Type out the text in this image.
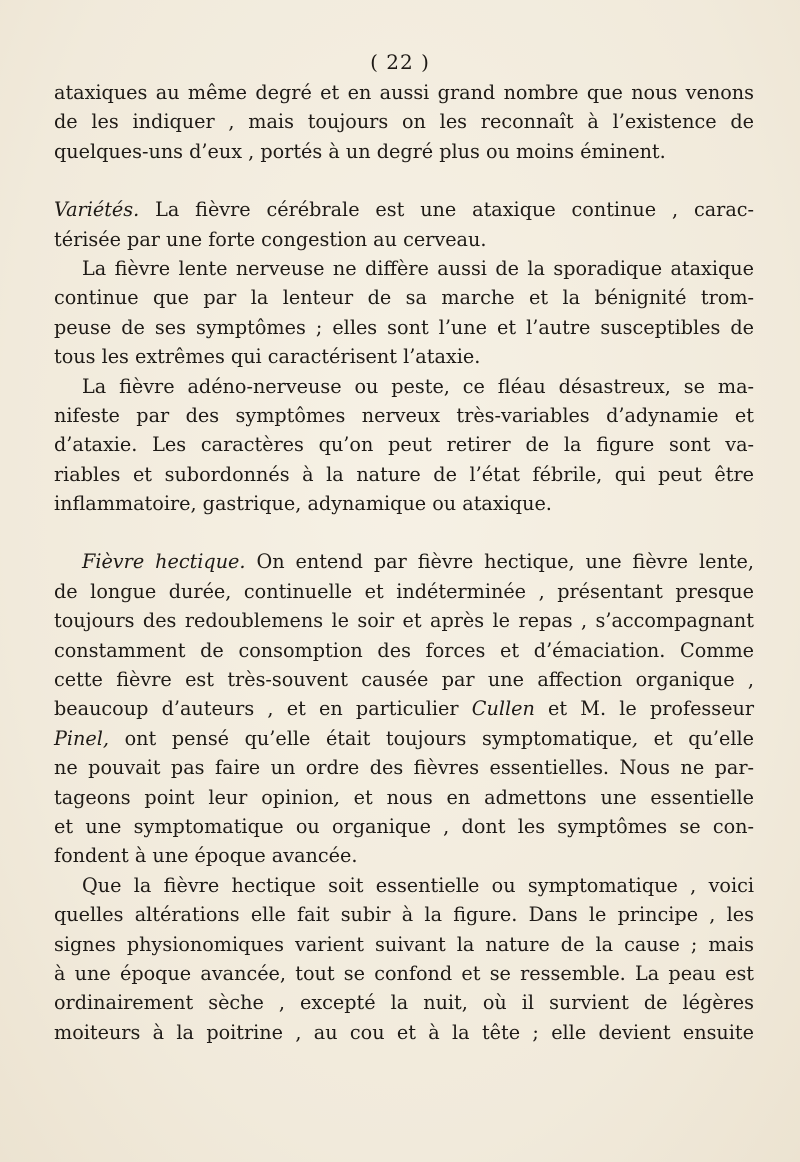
( 22 )
ataxiques au même degré et en aussi grand nombre que nous venons
de les indiquer , mais toujours on les reconnaît à l’existence de
quelques-uns d’eux , portés à un degré plus ou moins éminent.
Variétés. La fièvre cérébrale est une ataxique continue , carac-
térisée par une forte congestion au cerveau.
La fièvre lente nerveuse ne diffère aussi de la sporadique ataxique
continue que par la lenteur de sa marche et la bénignité trom-
peuse de ses symptômes ; elles sont l’une et l’autre susceptibles de
tous les extrêmes qui caractérisent l’ataxie.
La fièvre adéno-nerveuse ou peste, ce fléau désastreux, se ma-
nifeste par des symptômes nerveux très-variables d’adynamie et
d’ataxie. Les caractères qu’on peut retirer de la figure sont va-
riables et subordonnés à la nature de l’état fébrile, qui peut être
inflammatoire, gastrique, adynamique ou ataxique.
Fièvre hectique. On entend par fièvre hectique, une fièvre lente,
de longue durée, continuelle et indéterminée , présentant presque
toujours des redoublemens le soir et après le repas , s’accompagnant
constamment de consomption des forces et d’émaciation. Comme
cette fièvre est très-souvent causée par une affection organique ,
beaucoup d’auteurs , et en particulier Cullen et M. le professeur
Pinel, ont pensé qu’elle était toujours symptomatique, et qu’elle
ne pouvait pas faire un ordre des fièvres essentielles. Nous ne par-
tageons point leur opinion, et nous en admettons une essentielle
et une symptomatique ou organique , dont les symptômes se con-
fondent à une époque avancée.
Que la fièvre hectique soit essentielle ou symptomatique , voici
quelles altérations elle fait subir à la figure. Dans le principe , les
signes physionomiques varient suivant la nature de la cause ; mais
à une époque avancée, tout se confond et se ressemble. La peau est
ordinairement sèche , excepté la nuit, où il survient de légères
moiteurs à la poitrine , au cou et à la tête ; elle devient ensuite
